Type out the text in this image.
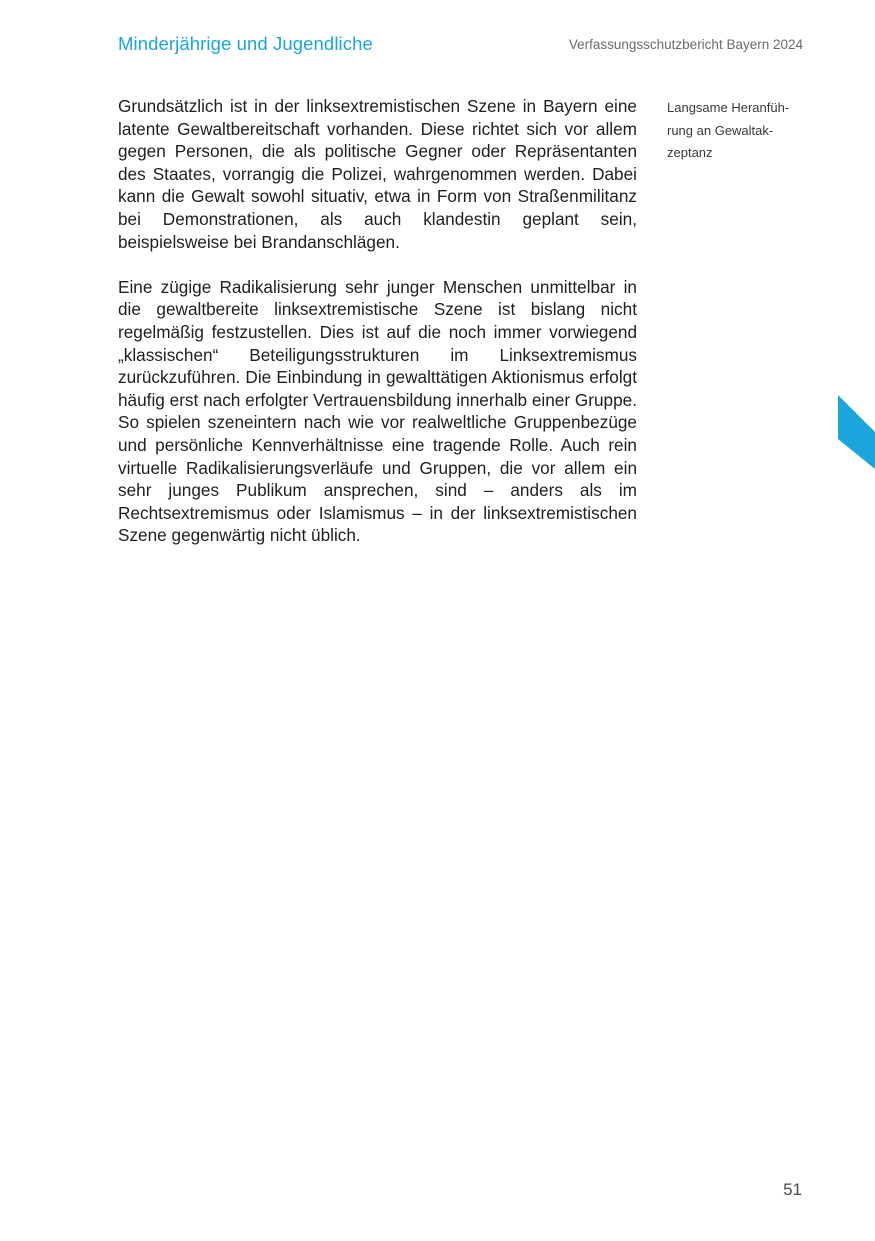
Minderjährige und Jugendliche	Verfassungsschutzbericht Bayern 2024

Grundsätzlich ist in der linksextremistischen Szene in Bayern eine latente Gewaltbereitschaft vorhanden. Diese richtet sich vor allem gegen Personen, die als politische Gegner oder Repräsentanten des Staates, vorrangig die Polizei, wahrgenommen werden. Dabei kann die Gewalt sowohl situativ, etwa in Form von Straßenmilitanz bei Demonstrationen, als auch klandestin geplant sein, beispielsweise bei Brandanschlägen.

Eine zügige Radikalisierung sehr junger Menschen unmittelbar in die gewaltbereite linksextremistische Szene ist bislang nicht regelmäßig festzustellen. Dies ist auf die noch immer vorwiegend „klassischen“ Beteiligungsstrukturen im Linksextremismus zurückzuführen. Die Einbindung in gewalttätigen Aktionismus erfolgt häufig erst nach erfolgter Vertrauensbildung innerhalb einer Gruppe. So spielen szeneintern nach wie vor realweltliche Gruppenbezüge und persönliche Kennverhältnisse eine tragende Rolle. Auch rein virtuelle Radikalisierungsverläufe und Gruppen, die vor allem ein sehr junges Publikum ansprechen, sind – anders als im Rechtsextremismus oder Islamismus – in der linksextremistischen Szene gegenwärtig nicht üblich.

Langsame Heranfüh-
rung an Gewaltak-
zeptanz
51
